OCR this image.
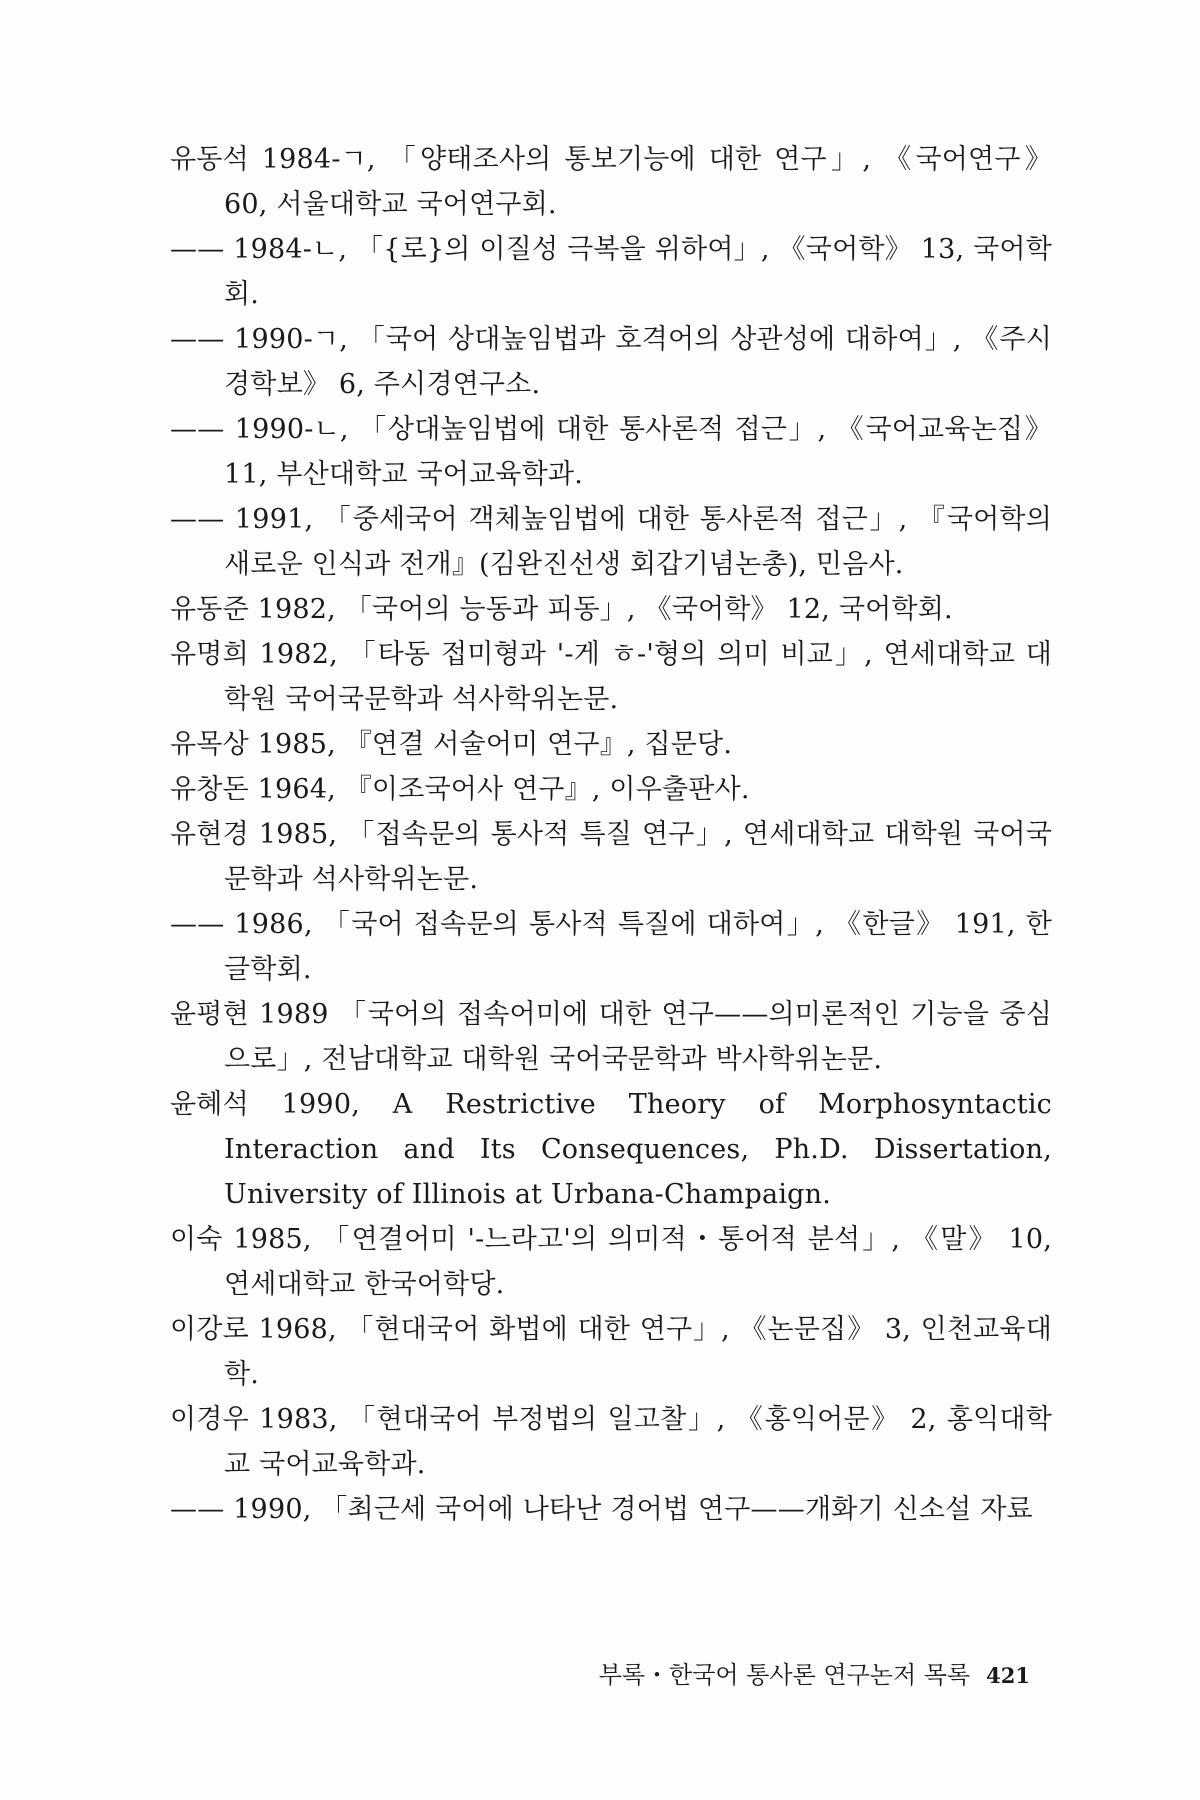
유동석 1984-ㄱ, 「양태조사의 통보기능에 대한 연구」, 《국어연구》 60, 서울대학교 국어연구회.

—— 1984-ㄴ, 「{로}의 이질성 극복을 위하여」, 《국어학》 13, 국어학회.

—— 1990-ㄱ, 「국어 상대높임법과 호격어의 상관성에 대하여」, 《주시경학보》 6, 주시경연구소.

—— 1990-ㄴ, 「상대높임법에 대한 통사론적 접근」, 《국어교육논집》 11, 부산대학교 국어교육학과.

—— 1991, 「중세국어 객체높임법에 대한 통사론적 접근」, 『국어학의 새로운 인식과 전개』(김완진선생 회갑기념논총), 민음사.

유동준 1982, 「국어의 능동과 피동」, 《국어학》 12, 국어학회.

유명희 1982, 「타동 접미형과 '-게 ㅎ-'형의 의미 비교」, 연세대학교 대학원 국어국문학과 석사학위논문.

유목상 1985, 『연결 서술어미 연구』, 집문당.

유창돈 1964, 『이조국어사 연구』, 이우출판사.

유현경 1985, 「접속문의 통사적 특질 연구」, 연세대학교 대학원 국어국문학과 석사학위논문.

—— 1986, 「국어 접속문의 통사적 특질에 대하여」, 《한글》 191, 한글학회.

윤평현 1989 「국어의 접속어미에 대한 연구——의미론적인 기능을 중심으로」, 전남대학교 대학원 국어국문학과 박사학위논문.

윤혜석 1990, A Restrictive Theory of Morphosyntactic Interaction and Its Consequences, Ph.D. Dissertation, University of Illinois at Urbana-Champaign.

이숙 1985, 「연결어미 '-느라고'의 의미적・통어적 분석」, 《말》 10, 연세대학교 한국어학당.

이강로 1968, 「현대국어 화법에 대한 연구」, 《논문집》 3, 인천교육대학.

이경우 1983, 「현대국어 부정법의 일고찰」, 《홍익어문》 2, 홍익대학교 국어교육학과.

—— 1990, 「최근세 국어에 나타난 경어법 연구——개화기 신소설 자료

부록・한국어 통사론 연구논저 목록 421
